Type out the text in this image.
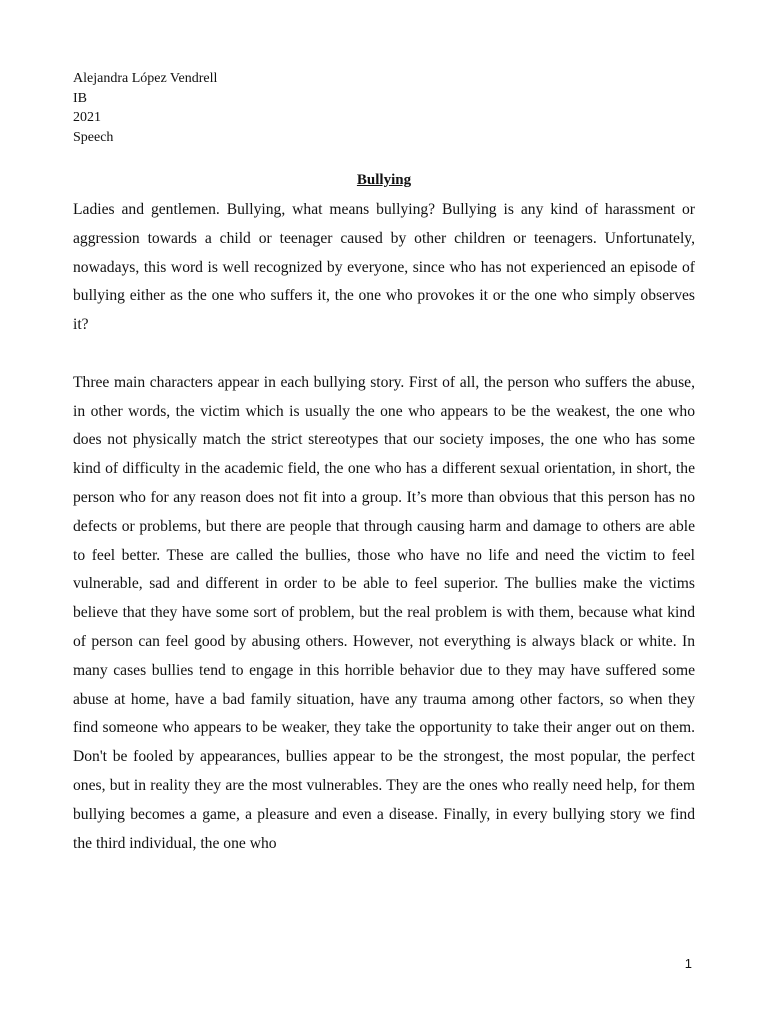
Alejandra López Vendrell
IB
2021
Speech
Bullying

Ladies and gentlemen. Bullying, what means bullying? Bullying is any kind of harassment or aggression towards a child or teenager caused by other children or teenagers. Unfortunately, nowadays, this word is well recognized by everyone, since who has not experienced an episode of bullying either as the one who suffers it, the one who provokes it or the one who simply observes it?

Three main characters appear in each bullying story. First of all, the person who suffers the abuse, in other words, the victim which is usually the one who appears to be the weakest, the one who does not physically match the strict stereotypes that our society imposes, the one who has some kind of difficulty in the academic field, the one who has a different sexual orientation, in short, the person who for any reason does not fit into a group. It’s more than obvious that this person has no defects or problems, but there are people that through causing harm and damage to others are able to feel better. These are called the bullies, those who have no life and need the victim to feel vulnerable, sad and different in order to be able to feel superior. The bullies make the victims believe that they have some sort of problem, but the real problem is with them, because what kind of person can feel good by abusing others. However, not everything is always black or white. In many cases bullies tend to engage in this horrible behavior due to they may have suffered some abuse at home, have a bad family situation, have any trauma among other factors, so when they find someone who appears to be weaker, they take the opportunity to take their anger out on them. Don't be fooled by appearances, bullies appear to be the strongest, the most popular, the perfect ones, but in reality they are the most vulnerables. They are the ones who really need help, for them bullying becomes a game, a pleasure and even a disease. Finally, in every bullying story we find the third individual, the one who

1
